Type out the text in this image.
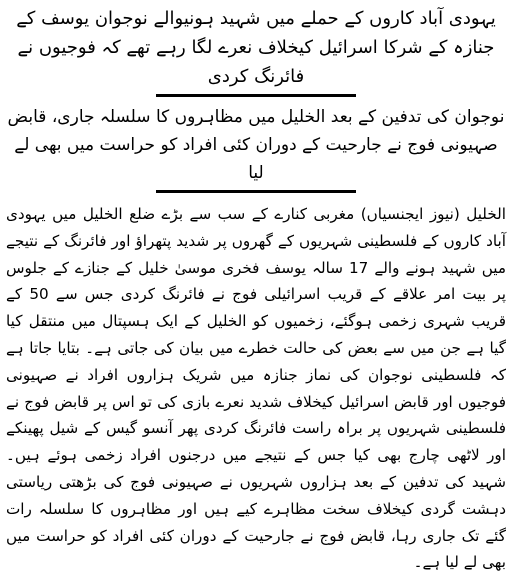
یہودی آباد کاروں کے حملے میں شہید ہونیوالے نوجوان یوسف کے جنازہ کے شرکا اسرائیل کیخلاف نعرے لگا رہے تھے کہ فوجیوں نے فائرنگ کردی
نوجوان کی تدفین کے بعد الخلیل میں مظاہروں کا سلسلہ جاری، قابض صہیونی فوج نے جارحیت کے دوران کئی افراد کو حراست میں بھی لے لیا

الخلیل (نیوز ایجنسیاں) مغربی کنارے کے سب سے بڑے ضلع الخلیل میں یہودی آباد کاروں کے فلسطینی شہریوں کے گھروں پر شدید پتھراؤ اور فائرنگ کے نتیجے میں شہید ہونے والے 17 سالہ یوسف فخری موسیٰ خلیل کے جنازے کے جلوس پر بیت امر علاقے کے قریب اسرائیلی فوج نے فائرنگ کردی جس سے 50 کے قریب شہری زخمی ہوگئے، زخمیوں کو الخلیل کے ایک ہسپتال میں منتقل کیا گیا ہے جن میں سے بعض کی حالت خطرے میں بیان کی جاتی ہے۔ بتایا جاتا ہے کہ فلسطینی نوجوان کی نماز جنازہ میں شریک ہزاروں افراد نے صہیونی فوجیوں اور قابض اسرائیل کیخلاف شدید نعرے بازی کی تو اس پر قابض فوج نے فلسطینی شہریوں پر براہ راست فائرنگ کردی پھر آنسو گیس کے شیل پھینکے اور لاٹھی چارج بھی کیا جس کے نتیجے میں درجنوں افراد زخمی ہوئے ہیں۔ شہید کی تدفین کے بعد ہزاروں شہریوں نے صہیونی فوج کی بڑھتی ریاستی دہشت گردی کیخلاف سخت مظاہرے کیے ہیں اور مظاہروں کا سلسلہ رات گئے تک جاری رہا، قابض فوج نے جارحیت کے دوران کئی افراد کو حراست میں بھی لے لیا ہے۔
